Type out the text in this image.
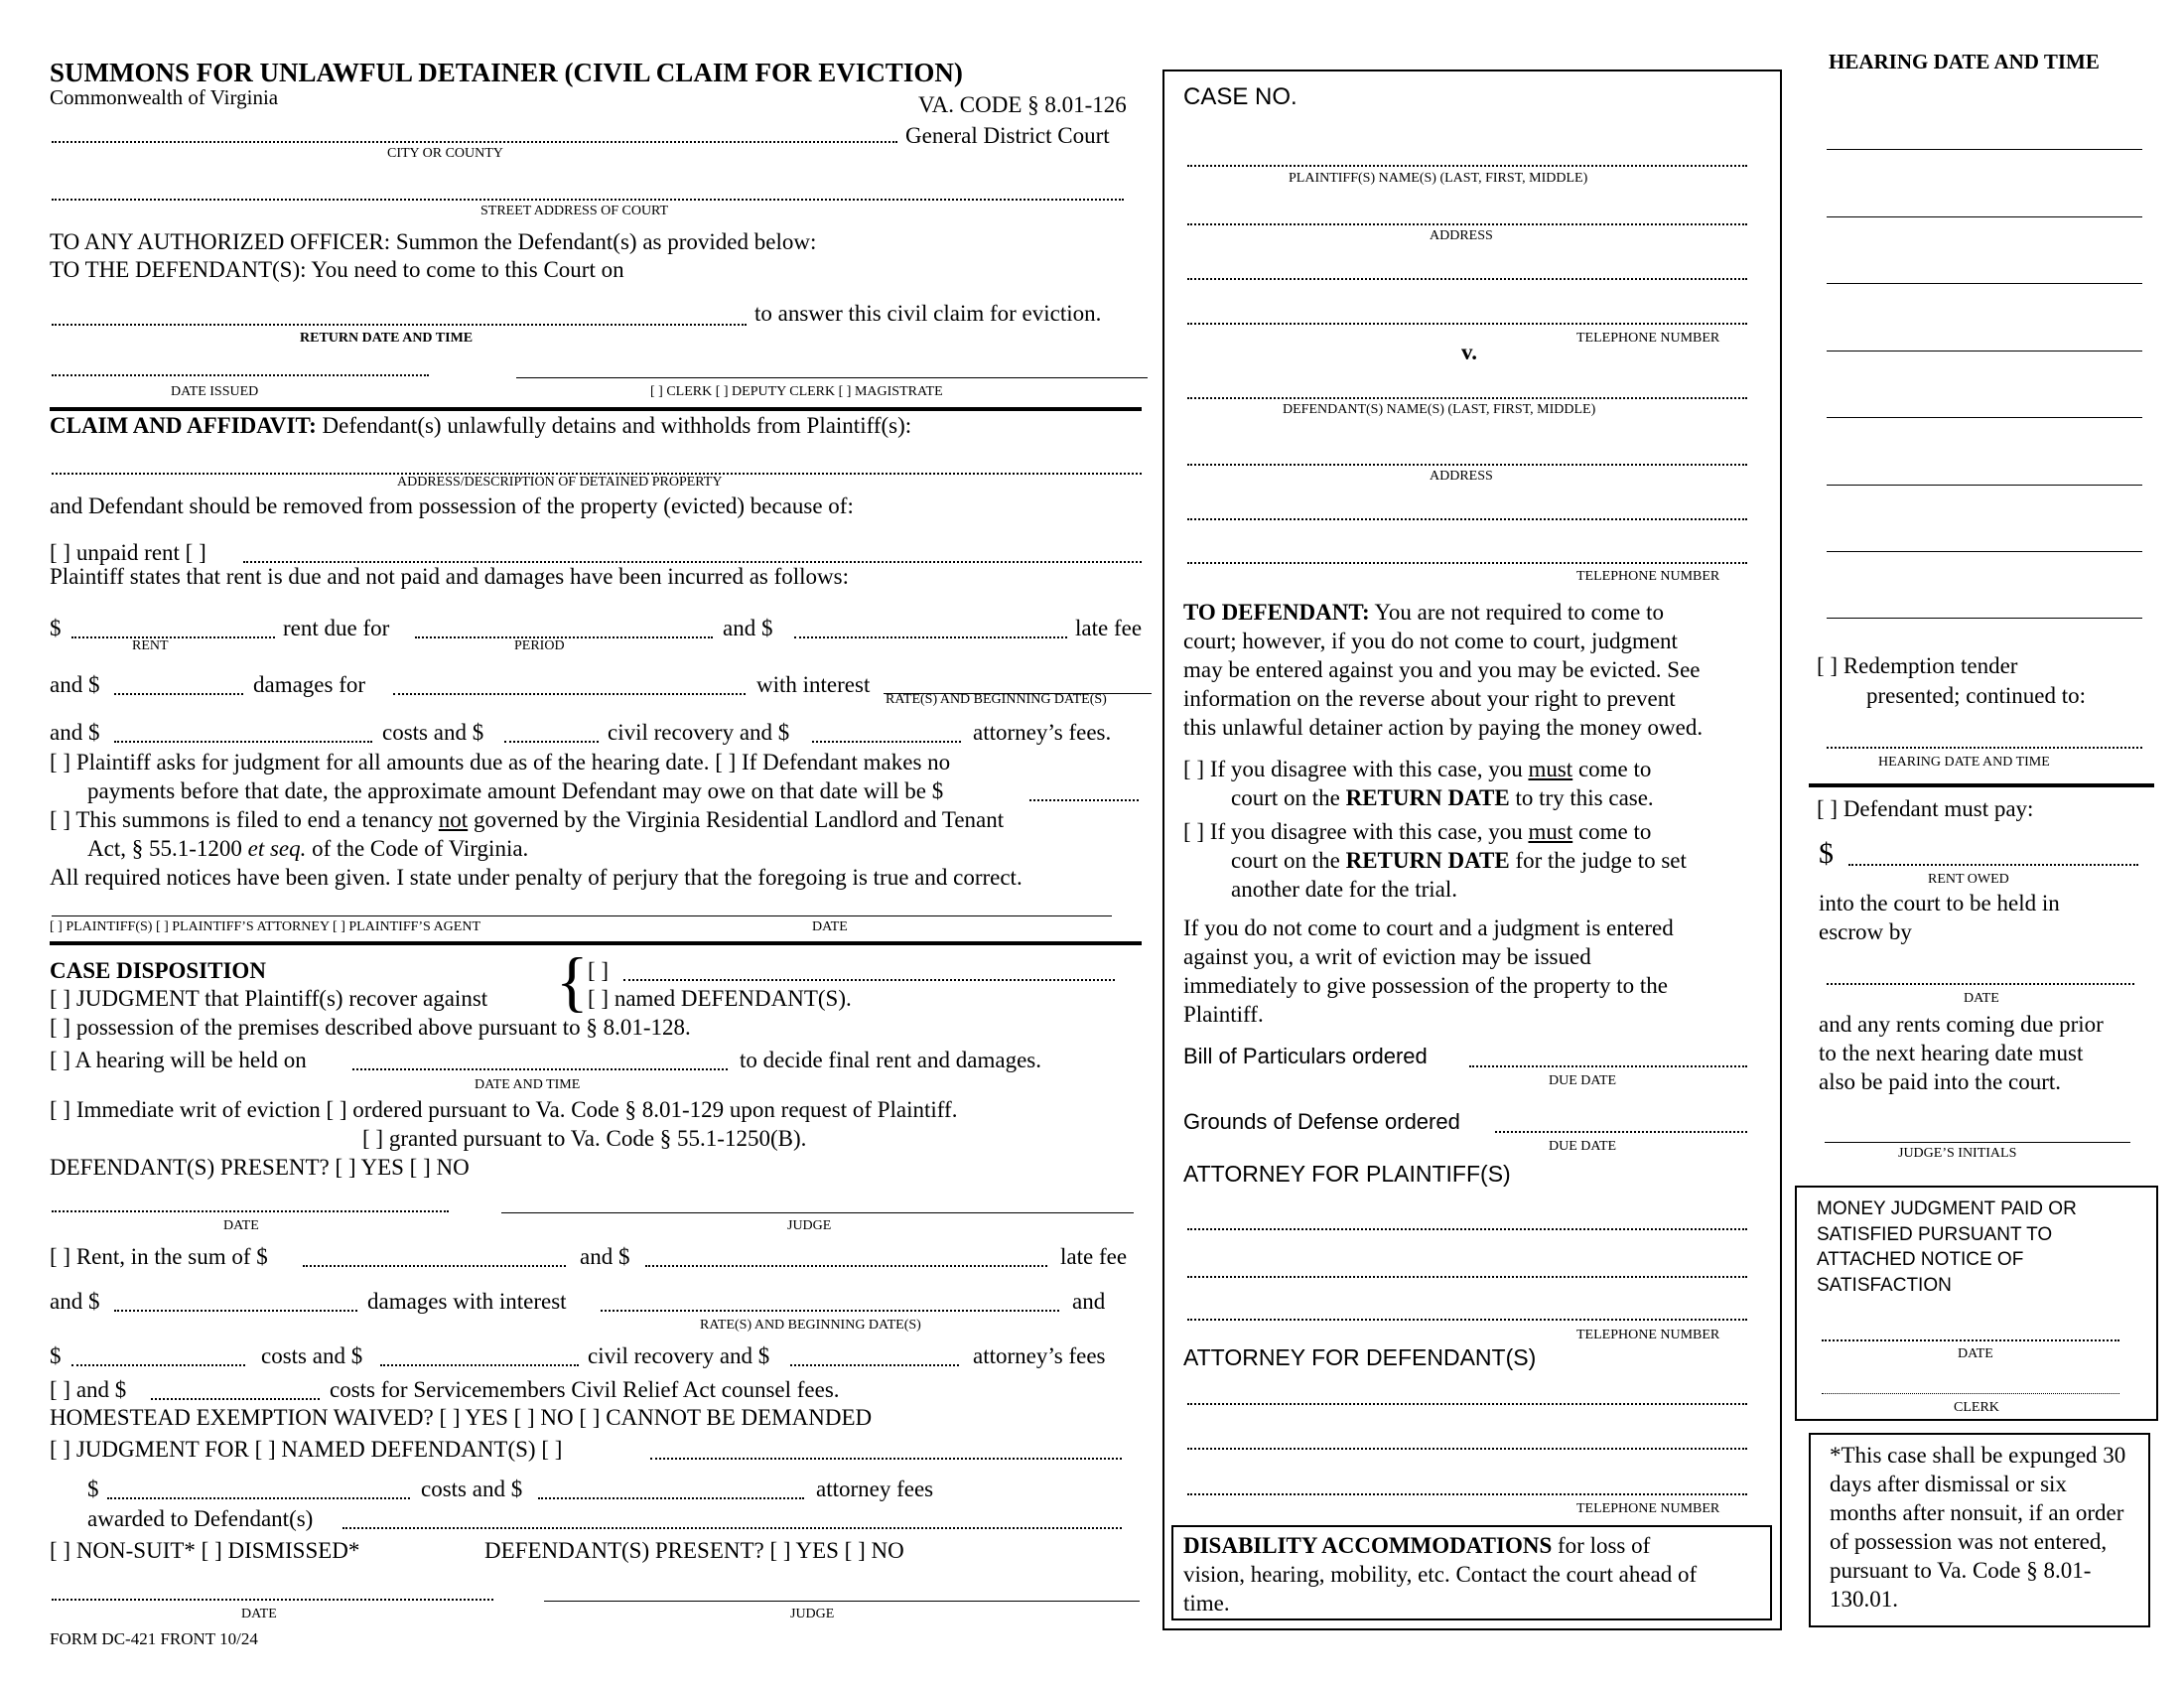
SUMMONS FOR UNLAWFUL DETAINER (CIVIL CLAIM FOR EVICTION)
Commonwealth of Virginia	VA. CODE § 8.01-126
General District Court
CITY OR COUNTY
STREET ADDRESS OF COURT
TO ANY AUTHORIZED OFFICER: Summon the Defendant(s) as provided below:
TO THE DEFENDANT(S): You need to come to this Court on
to answer this civil claim for eviction.
RETURN DATE AND TIME
DATE ISSUED	[ ] CLERK [ ] DEPUTY CLERK [ ] MAGISTRATE
CLAIM AND AFFIDAVIT: Defendant(s) unlawfully detains and withholds from Plaintiff(s):
ADDRESS/DESCRIPTION OF DETAINED PROPERTY
and Defendant should be removed from possession of the property (evicted) because of:
[ ] unpaid rent [ ]
Plaintiff states that rent is due and not paid and damages have been incurred as follows:
$	rent due for	and $	late fee
RENT	PERIOD
and $	damages for	with interest
RATE(S) AND BEGINNING DATE(S)
and $	costs and $	civil recovery and $	attorney’s fees.
[ ] Plaintiff asks for judgment for all amounts due as of the hearing date. [ ] If Defendant makes no
payments before that date, the approximate amount Defendant may owe on that date will be $
[ ] This summons is filed to end a tenancy not governed by the Virginia Residential Landlord and Tenant
Act, § 55.1-1200 et seq. of the Code of Virginia.
All required notices have been given. I state under penalty of perjury that the foregoing is true and correct.
[ ] PLAINTIFF(S) [ ] PLAINTIFF’S ATTORNEY [ ] PLAINTIFF’S AGENT	DATE
CASE DISPOSITION
[ ] JUDGMENT that Plaintiff(s) recover against { [ ]
[ ] named DEFENDANT(S).
[ ] possession of the premises described above pursuant to § 8.01-128.
[ ] A hearing will be held on	to decide final rent and damages.
DATE AND TIME
[ ] Immediate writ of eviction [ ] ordered pursuant to Va. Code § 8.01-129 upon request of Plaintiff.
[ ] granted pursuant to Va. Code § 55.1-1250(B).
DEFENDANT(S) PRESENT? [ ] YES [ ] NO
DATE	JUDGE
[ ] Rent, in the sum of $	and $	late fee
and $	damages with interest	and
RATE(S) AND BEGINNING DATE(S)
$	costs and $	civil recovery and $	attorney’s fees
[ ] and $	costs for Servicemembers Civil Relief Act counsel fees.
HOMESTEAD EXEMPTION WAIVED? [ ] YES [ ] NO [ ] CANNOT BE DEMANDED
[ ] JUDGMENT FOR [ ] NAMED DEFENDANT(S) [ ]
$	costs and $	attorney fees
awarded to Defendant(s)
[ ] NON-SUIT* [ ] DISMISSED*	DEFENDANT(S) PRESENT? [ ] YES [ ] NO
DATE	JUDGE
FORM DC-421 FRONT 10/24
CASE NO.
PLAINTIFF(S) NAME(S) (LAST, FIRST, MIDDLE)
ADDRESS
TELEPHONE NUMBER
v.
DEFENDANT(S) NAME(S) (LAST, FIRST, MIDDLE)
ADDRESS
TELEPHONE NUMBER
TO DEFENDANT: You are not required to come to
court; however, if you do not come to court, judgment
may be entered against you and you may be evicted. See
information on the reverse about your right to prevent
this unlawful detainer action by paying the money owed.
[ ] If you disagree with this case, you must come to
court on the RETURN DATE to try this case.
[ ] If you disagree with this case, you must come to
court on the RETURN DATE for the judge to set
another date for the trial.
If you do not come to court and a judgment is entered
against you, a writ of eviction may be issued
immediately to give possession of the property to the
Plaintiff.
Bill of Particulars ordered
DUE DATE
Grounds of Defense ordered
DUE DATE
ATTORNEY FOR PLAINTIFF(S)
TELEPHONE NUMBER
ATTORNEY FOR DEFENDANT(S)
TELEPHONE NUMBER
DISABILITY ACCOMMODATIONS for loss of
vision, hearing, mobility, etc. Contact the court ahead of
time.
HEARING DATE AND TIME
[ ] Redemption tender
presented; continued to:
HEARING DATE AND TIME
[ ] Defendant must pay:
$
RENT OWED
into the court to be held in
escrow by
DATE
and any rents coming due prior
to the next hearing date must
also be paid into the court.
JUDGE’S INITIALS
MONEY JUDGMENT PAID OR SATISFIED PURSUANT TO ATTACHED NOTICE OF SATISFACTION
DATE
CLERK
*This case shall be expunged 30 days after dismissal or six months after nonsuit, if an order of possession was not entered, pursuant to Va. Code § 8.01-130.01.
